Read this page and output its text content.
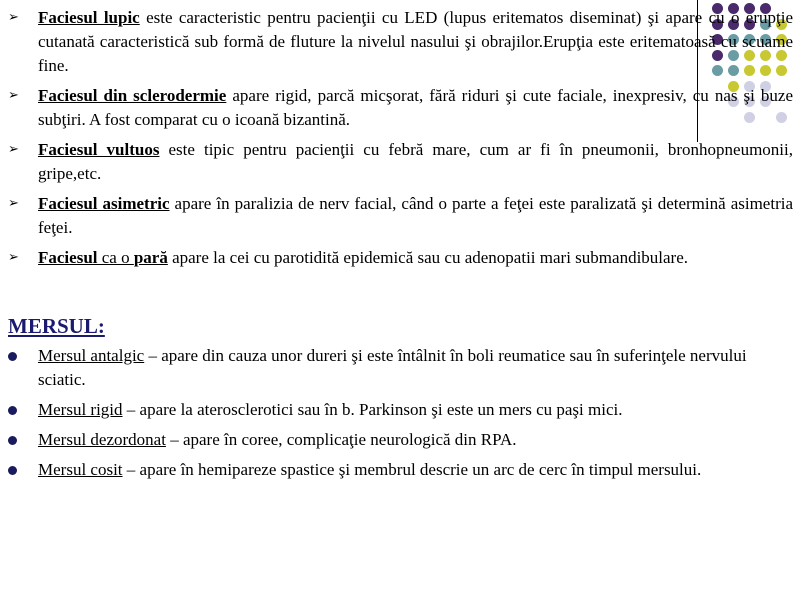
➢ Faciesul lupic este caracteristic pentru pacienţii cu LED (lupus eritematos diseminat) şi apare cu o erupţie cutanată caracteristică sub formă de fluture la nivelul nasului şi obrajilor.Erupţia este eritematoasă cu scuame fine.
➢ Faciesul din sclerodermie apare rigid, parcă micşorat, fără riduri şi cute faciale, inexpresiv, cu nas şi buze subţiri. A fost comparat cu o icoană bizantină.
➢ Faciesul vultuos este tipic pentru pacienţii cu febră mare, cum ar fi în pneumonii, bronhopneumonii, gripe,etc.
➢ Faciesul asimetric apare în paralizia de nerv facial, când o parte a feţei este paralizată şi determină asimetria feţei.
➢ Faciesul ca o pară apare la cei cu parotidită epidemică sau cu adenopatii mari submandibulare.
MERSUL:
Mersul antalgic – apare din cauza unor dureri şi este întâlnit în boli reumatice sau în suferinţele nervului sciatic.
Mersul rigid – apare la aterosclerotici sau în b. Parkinson şi este un mers cu paşi mici.
Mersul dezordonat – apare în coree, complicaţie neurologică din RPA.
Mersul cosit – apare în hemipareze spastice şi membrul descrie un arc de cerc în timpul mersului.
